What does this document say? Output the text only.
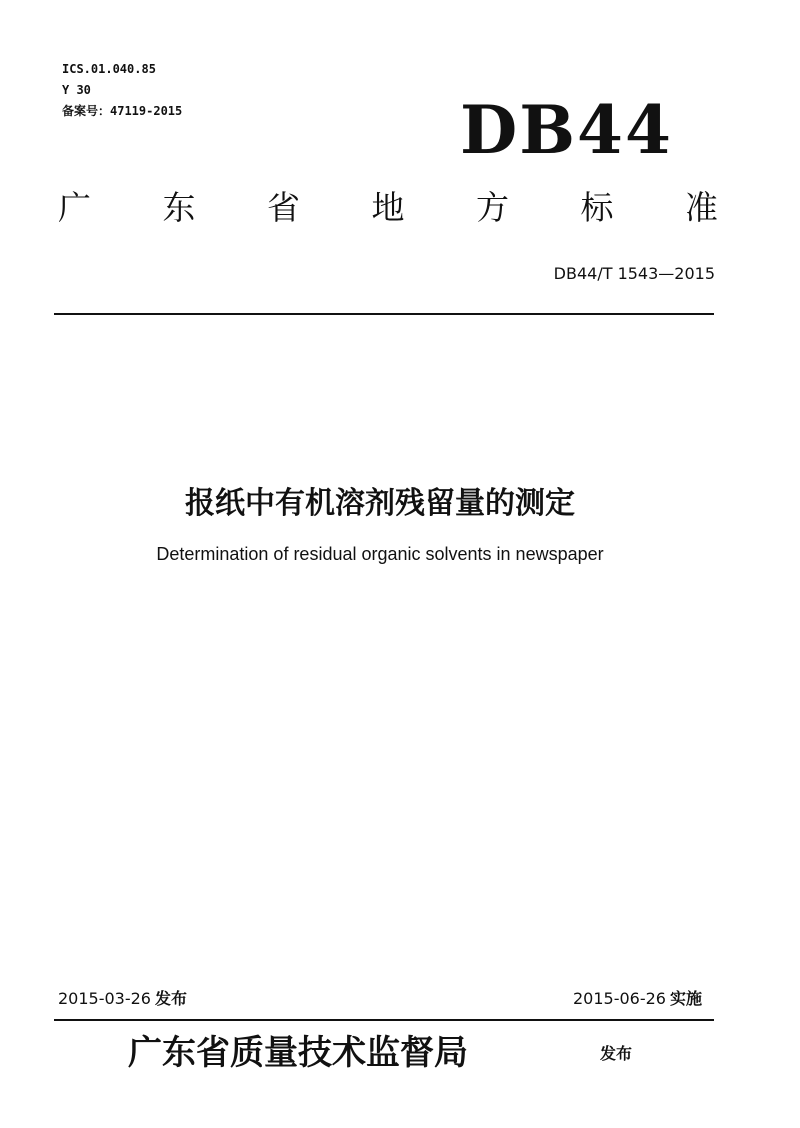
ICS.01.040.85
Y 30
备案号：47119-2015	DB44
广 东 省 地 方 标 准
DB44/T 1543—2015
报纸中有机溶剂残留量的测定
Determination of residual organic solvents in newspaper
2015-03-26 发布	2015-06-26 实施
广东省质量技术监督局	发布
